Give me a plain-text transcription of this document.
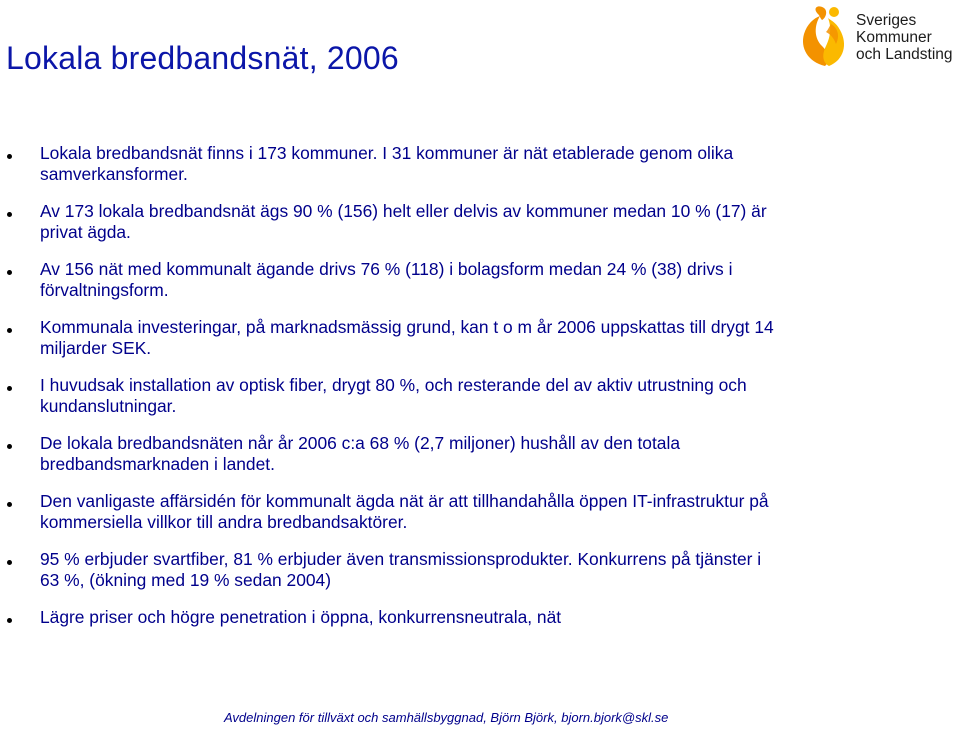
Lokala bredbandsnät, 2006
Sveriges
Kommuner
och Landsting
Lokala bredbandsnät finns i 173 kommuner. I 31 kommuner är nät etablerade genom olika
samverkansformer.
Av 173 lokala bredbandsnät ägs 90 % (156) helt eller delvis av kommuner medan 10 % (17) är
privat ägda.
Av 156 nät med kommunalt ägande drivs 76 % (118) i bolagsform medan 24 % (38) drivs i
förvaltningsform.
Kommunala investeringar, på marknadsmässig grund, kan t o m år 2006 uppskattas till drygt 14
miljarder SEK.
I huvudsak installation av optisk fiber, drygt 80 %, och resterande del av aktiv utrustning och
kundanslutningar.
De lokala bredbandsnäten når år 2006 c:a 68 % (2,7 miljoner) hushåll av den totala
bredbandsmarknaden i landet.
Den vanligaste affärsidén för kommunalt ägda nät är att tillhandahålla öppen IT-infrastruktur på
kommersiella villkor till andra bredbandsaktörer.
95 % erbjuder svartfiber, 81 % erbjuder även transmissionsprodukter. Konkurrens på tjänster i
63 %, (ökning med 19 % sedan 2004)
Lägre priser och högre penetration i öppna, konkurrensneutrala, nät
Avdelningen för tillväxt och samhällsbyggnad, Björn Björk, bjorn.bjork@skl.se
